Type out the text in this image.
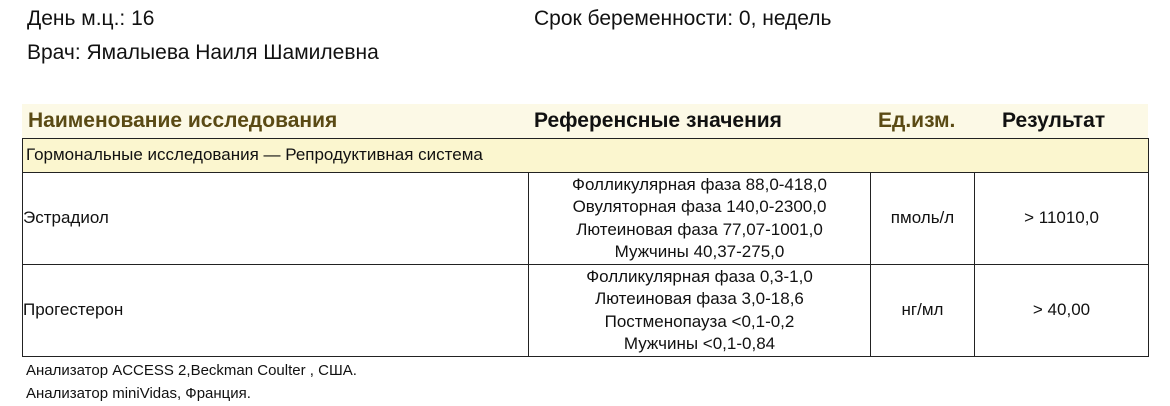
День м.ц.: 16	Срок беременности: 0, недель
Врач: Ямалыева Наиля Шамилевна
Наименование исследования	Референсные значения	Ед.изм. Результат
Гормональные исследования — Репродуктивная система			
Эстрадиол	Фолликулярная фаза 88,0-418,0
Овуляторная фаза 140,0-2300,0
Лютеиновая фаза 77,07-1001,0
Мужчины 40,37-275,0	пмоль/л	> 11010,0
Прогестерон	Фолликулярная фаза 0,3-1,0
Лютеиновая фаза 3,0-18,6
Постменопауза <0,1-0,2
Мужчины <0,1-0,84	нг/мл	> 40,00
Анализатор ACCESS 2,Beckman Coulter , США.
Анализатор miniVidas, Франция.
